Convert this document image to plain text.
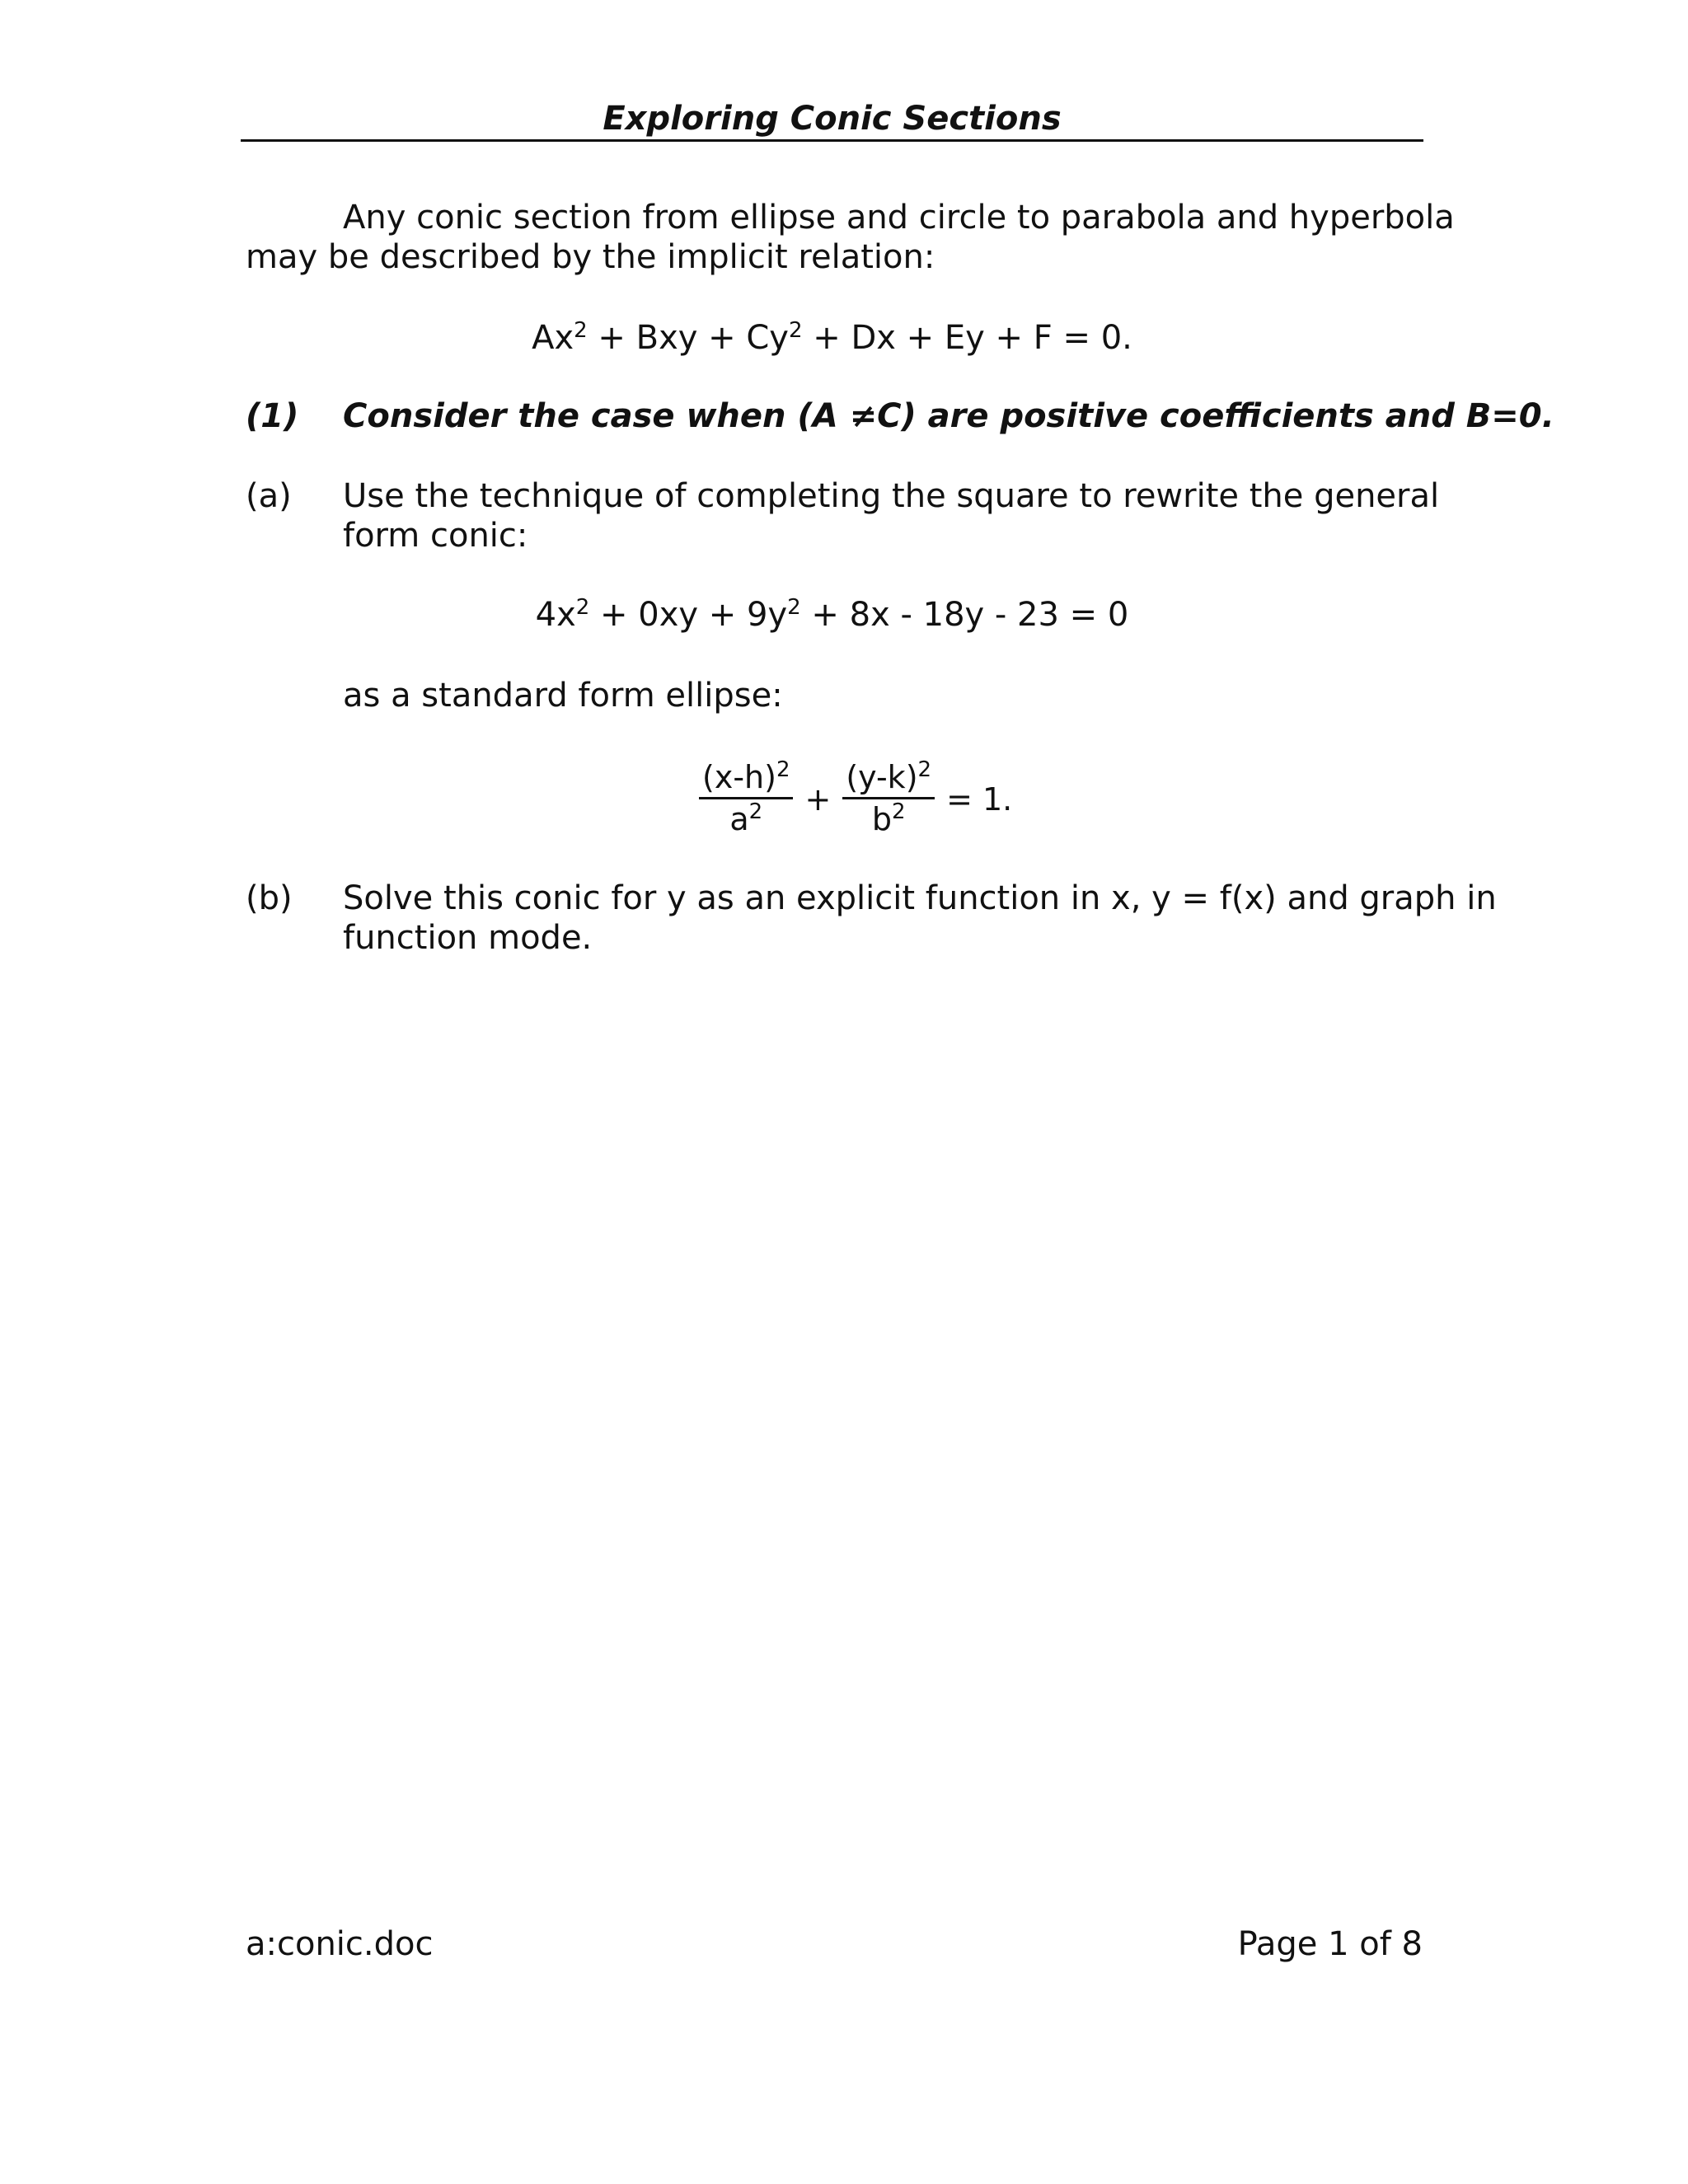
Exploring Conic Sections
Any conic section from ellipse and circle to parabola and hyperbola
may be described by the implicit relation:
$Ax^2$ + Bxy + $Cy^2 + Dx + Ey + F = 0$.
(1) Consider the case when (A ≠C) are positive coefficients and B=0.
(a) Use the technique of completing the square to rewrite the general
form conic:
$4x^2 + 0xy + 9y^2 + 8x - 18y - 23 = 0$
as a standard form ellipse:
$\frac{(x-h)^2}{a^2} + \frac{(y-k)^2}{b^2} = 1$.
(b) Solve this conic for y as an explicit function in x, y = f(x) and graph in
function mode.
a:conic.doc	Page 1 of 8
